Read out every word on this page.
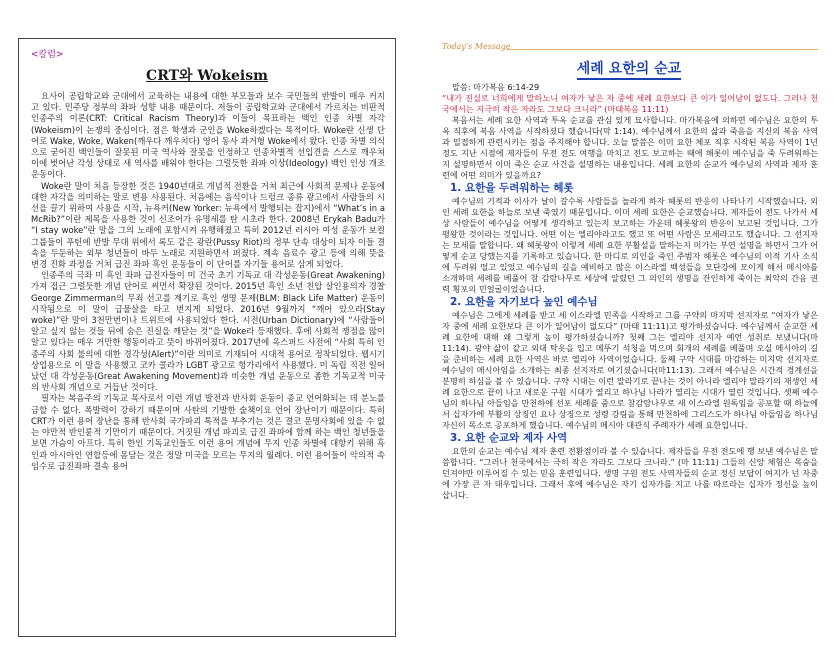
<칼럼>
CRT와 Wokeism

요사이 공립학교와 군대에서 교육하는 내용에 대한 부모들과 보수 국민들의 반발이 매우 커지고 있다. 민주당 정부의 좌파 성향 내용 때문이다. 저들이 공립학교와 군대에서 가르치는 비판적 인종주의 이론(CRT: Critical Racism Theory)과 이들이 목표하는 백인 인종 차별 자각(Wokeism)이 논쟁의 중심이다. 점은 학생과 군인을 Woke하겠다는 목적이다. Woke란 신생 단어로 Wake, Woke, Waken(깨우다 깨우치다) 영어 동사 과거형 Woke에서 왔다. 인종 차별 의식으로 굳어진 백인들이 잘못된 미국 역사와 잘못을 인정하고 인종차별적 선입견을 스스로 깨우쳐 이에 벗어난 각성 상태로 새 역사를 배워야 한다는 그럴듯한 좌파 이상(Ideology) 백인 인성 개조 운동이다.

Woke란 말이 처음 등장한 것은 1940년대로 개념적 전환을 거쳐 최근에 사회적 문제나 운동에 대한 자각을 의미하는 말로 변용 사용된다. 처음에는 음식이나 드렁크 종류 광고에서 사람들의 시선을 끌기 위하여 사용을 시작, 뉴욕커(New Yorker: 뉴욕에서 발행되는 잡지)에서 “What’s in a McRib?”이란 제목을 사용한 것이 신조어가 유명세를 탄 시초라 한다. 2008년 Erykah Badu가 “I stay woke”란 말을 그의 노래에 포함시켜 유행해졌고 특히 2012년 러시아 여성 운동가 보컬 그룹들이 푸틴에 반발 무대 위에서 록도 같은 광란(Pussy Riot)의 정부 단속 대상이 되자 이들 결속을 두둔하는 외부 청년들이 바두 노래로 지원하면서 퍼졌다. 계속 음료수 광고 등에 의해 뜻을 변경 진화 과정을 거쳐 급진 좌파 흑인 운동들이 이 단어를 자기들 용어로 삼게 되었다.

인종주의 극좌 미 흑인 좌파 급진자들이 미 건국 초기 기독교 대 각성운동(Great Awakening)가져 접근 그럴듯한 개념 단어로 써먼서 확장된 것이다. 2015년 흑인 소년 친압 살인용의자 경찰 George Zimmerman의 무죄 선고를 계기로 흑인 생명 문제(BLM: Black Life Matter) 운동이 시작됨으로 이 말이 급물살을 타고 번지게 되었다. 2016년 9월까지 “깨어 있으라(Stay woke)”란 말이 3천만번이나 트위트에 사용되었다 한다. 시전(Urban Dictionary)에 “사람들이 알고 싶지 않는 것들 뒤에 숨은 진실을 깨닫는 것”을 Woke라 등재했다. 후에 사회적 쟁점을 많이 알고 있다는 매우 거만한 행동이라고 뜻이 바뀌어졌다. 2017년에 옥스퍼드 사전에 “사회 특히 인종주의 사회 불의에 대한 경각성(Alert)”이란 의미로 기재되어 시대적 용어로 정착되었다. 웹시기 상업용으로 이 말을 사용했고 코카 콜라가 LGBT 광고로 헝가리에서 사용했다. 미 독립 직전 일어났던 대 각성운동(Great Awakening Movement)과 비슷한 개념 운동으로 좀한 기독교적 미국의 반사회 개념으로 거듭난 것이다.

필자는 복음주의 기독교 목사로서 이런 개념 발전과 반사회 운동이 종교 언어화되는 데 분노를 금할 수 없다. 폭발력이 강하기 때문이며 사탄의 기발한 술책이요 언어 장난이기 때문이다. 특히 CRT가 이런 용어 장난을 통해 반사회 국가파괴 톡적을 부추기는 것은 결코 문명사회에 있을 수 없는 야만적 반인륜적 기만이기 때문이다. 거짓된 개념 파괴로 급진 좌파에 함께 하는 백인 청년들을 보면 가슴이 아프다. 특히 한인 기독교인들도 이런 용어 개념에 무지 인종 차별에 대항키 위해 흑인과 아시아인 연합등에 몸담는 것은 정말 미국을 모르는 무지의 월례다. 이런 용어들이 악의적 속임수로 급진좌파 결속 용어

Today's Message
세례 요한의 순교

말씀: 마가복음 6:14-29

“내가 진실로 너희에게 말하노니 여자가 낳은 자 중에 세례 요한보다 큰 이가 일어남이 없도다. 그러나 천국에서는 지극히 작은 자라도 그보다 크니라” (마태복음 11:11)

복음서는 세례 요한 사역과 투옥 순교를 관심 있게 묘사합니다. 마가복음에 의하면 예수님은 요한의 투옥 직후에 복음 사역을 시작하셨다 했습니다(막 1:14). 예수님께서 요한의 삶과 죽음을 지신의 복음 사역과 밀접하게 관련시키는 점을 주지해야 합니다. 오늘 말씀은 이미 요한 체포 직후 시작된 복음 사역이 1년 정도 지난 시점에 제자들이 무전 전도 여행을 마치고 전도 보고하는 때에 해롯이 예수님을 죽 두려워하는지 설명하면서 이미 죽은 순교 사건을 설명하는 내용입니다. 세례 요한의 순교가 예수님의 사역과 제자 훈련에 어떤 의미가 있을까요?

1. 요한을 두려워하는 헤롯

예수님의 기적과 이사가 날이 갈수록 사람들을 놀라게 하자 헤롯의 반응이 나타나기 시작했습니다. 외인 세례 요한을 하늘로 보낸 죽였기 때문입니다. 이미 세례 요한은 순교했습니다. 제자들이 전도 나가서 세상 사람들이 예수님을 어떻게 생각하고 있는지 보고하는 가운데 헤롯왕의 반응이 보고된 것입니다. 그가 평왕한 것이라는 것입니다. 어떤 이는 엘리야라고도 했고 또 어떤 사람은 모세라고도 했습니다. 그 선지자는 모세를 말합니다. 왜 헤롯왕이 이렇게 세례 요한 부활설을 말하는지 미가는 부연 설명을 하면서 그가 어떻게 순교 당했는지를 기록하고 있습니다. 한 마디로 의인을 죽인 주범자 헤롯은 예수님의 이적 기사 소식에 두려워 떨고 있었고 예수님의 길을 예비하고 많은 이스라엘 백성들을 모단강에 모이게 해서 메시아를 소개하며 세례를 베풀어 참 감람나무로 세상에 알렸던 그 의인의 생명을 잔인하게 죽이는 최악의 간음 권력 횡포의 민얼굴이었습니다.

2. 요한을 자기보다 높인 예수님

예수님은 그에게 세례를 받고 세 이스라엘 민족을 시작하고 그를 구약의 마지막 선지자로 “여자가 낳은 자 중에 세례 요한보다 큰 이가 일어남이 없도다” (마태 11:11)고 평가하셨습니다. 예수님께서 순교한 세례 요한에 대해 왜 그렇게 높이 평가하셨습니까? 첫째 그는 엘리야 선지자 예언 성취로 보냈니다(마 11:14). 광야 삶이 같고 외대 탁옷을 입고 메뚜기 석청을 먹으며 회개의 세례를 베풀며 오실 메시아의 길을 준비하는 세례 요한 사역은 바로 엘리야 사역이었습니다. 둘째 구약 시대를 마감하는 미지막 선지자로 예수님이 메시아임을 소개하는 최종 선지자로 여기셨습니다(마11:13). 그래서 예수님은 시간적 경계선을 분명히 하심을 볼 수 있습니다. 구약 시대는 이런 말라기로 끝나는 것이 아니라 엘리야 말라기의 재생인 세례 요한으로 끝이 나고 새로운 구원 시대가 열리고 하나님 나라가 열리는 시대가 열린 것입니다. 셋째 예수님의 하나님 아들임을 만천하에 선포 세례를 줌으로 참감람나무로 새 이스라엘 원독임을 공포할 때 하늘에서 십자가에 부활의 상징인 요나 상징으로 성령 강림을 통해 만천하에 그리스도가 하나님 아들임을 하나님 자신이 목소로 공포하게 했습니다. 예수님의 메시아 대관식 주례자가 세례 요한입니다.

3. 요한 순교와 제자 사역

요한의 순교는 예수님 제자 훈련 전환점이라 볼 수 있습니다. 제자들을 무전 전도에 행 보낸 예수님은 말씀합니다. “그러나 천국에서는 극히 작은 자라도 그보다 크니라.” (마 11:11) 그들의 신앙 체험은 목숨을 던져야만 이루어질 수 있는 믿음 훈련입니다. 생명 구원 전도 사역자들의 순교 정신 보답이 여지가 넌 자중에 가장 큰 자 대우입니다. 그래서 후에 예수님은 자기 십자가를 지고 나를 따르라는 십자가 정신을 높이 삽니다.
